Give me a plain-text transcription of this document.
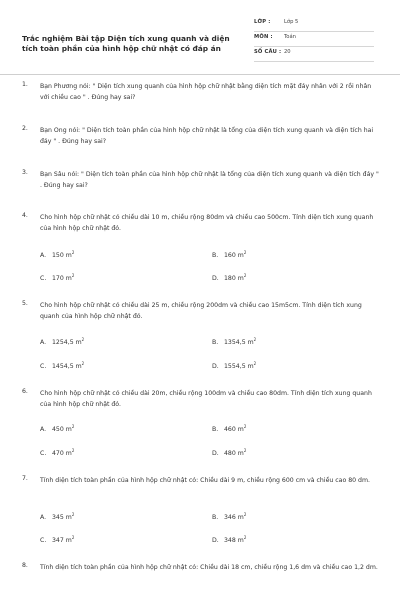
Trắc nghiệm Bài tập Diện tích xung quanh và diện tích toàn phần của hình hộp chữ nhật có đáp án
LỚP :	Lớp 5
MÔN : Toán
SỐ CÂU : 20
1. Bạn Phương nói: " Diện tích xung quanh của hình hộp chữ nhật bằng diện tích mặt đáy nhân với 2 rồi nhân với chiều cao " . Đúng hay sai?
2. Bạn Ong nói: " Diện tích toàn phần của hình hộp chữ nhật là tổng của diện tích xung quanh và diện tích hai đáy " . Đúng hay sai?
3. Bạn Sâu nói: " Diện tích toàn phần của hình hộp chữ nhật là tổng của diện tích xung quanh và diện tích đáy " . Đúng hay sai?
4. Cho hình hộp chữ nhật có chiều dài 10 m, chiều rộng 80dm và chiều cao 500cm. Tính diện tích xung quanh của hình hộp chữ nhật đó.
A. 150 $m^2$	B. 160 $m^2$
C. 170 $m^2$	D. 180 $m^2$
5. Cho hình hộp chữ nhật có chiều dài 25 m, chiều rộng 200dm và chiều cao 15m5cm. Tính diện tích xung quanh của hình hộp chữ nhật đó.
A. 1254,5 $m^2$	B. 1354,5 $m^2$
C. 1454,5 $m^2$	D. 1554,5 $m^2$
6. Cho hình hộp chữ nhật có chiều dài 20m, chiều rộng 100dm và chiều cao 80dm. Tính diện tích xung quanh của hình hộp chữ nhật đó.
A. 450 $m^2$	B. 460 $m^2$
C. 470 $m^2$	D. 480 $m^2$
7. Tính diện tích toàn phần của hình hộp chữ nhật có: Chiều dài 9 m, chiều rộng 600 cm và chiều cao 80 dm.
A. 345 $m^2$	B. 346 $m^2$
C. 347 $m^2$	D. 348 $m^2$
8. Tính diện tích toàn phần của hình hộp chữ nhật có: Chiều dài 18 cm, chiều rộng 1,6 dm và chiều cao 1,2 dm.
